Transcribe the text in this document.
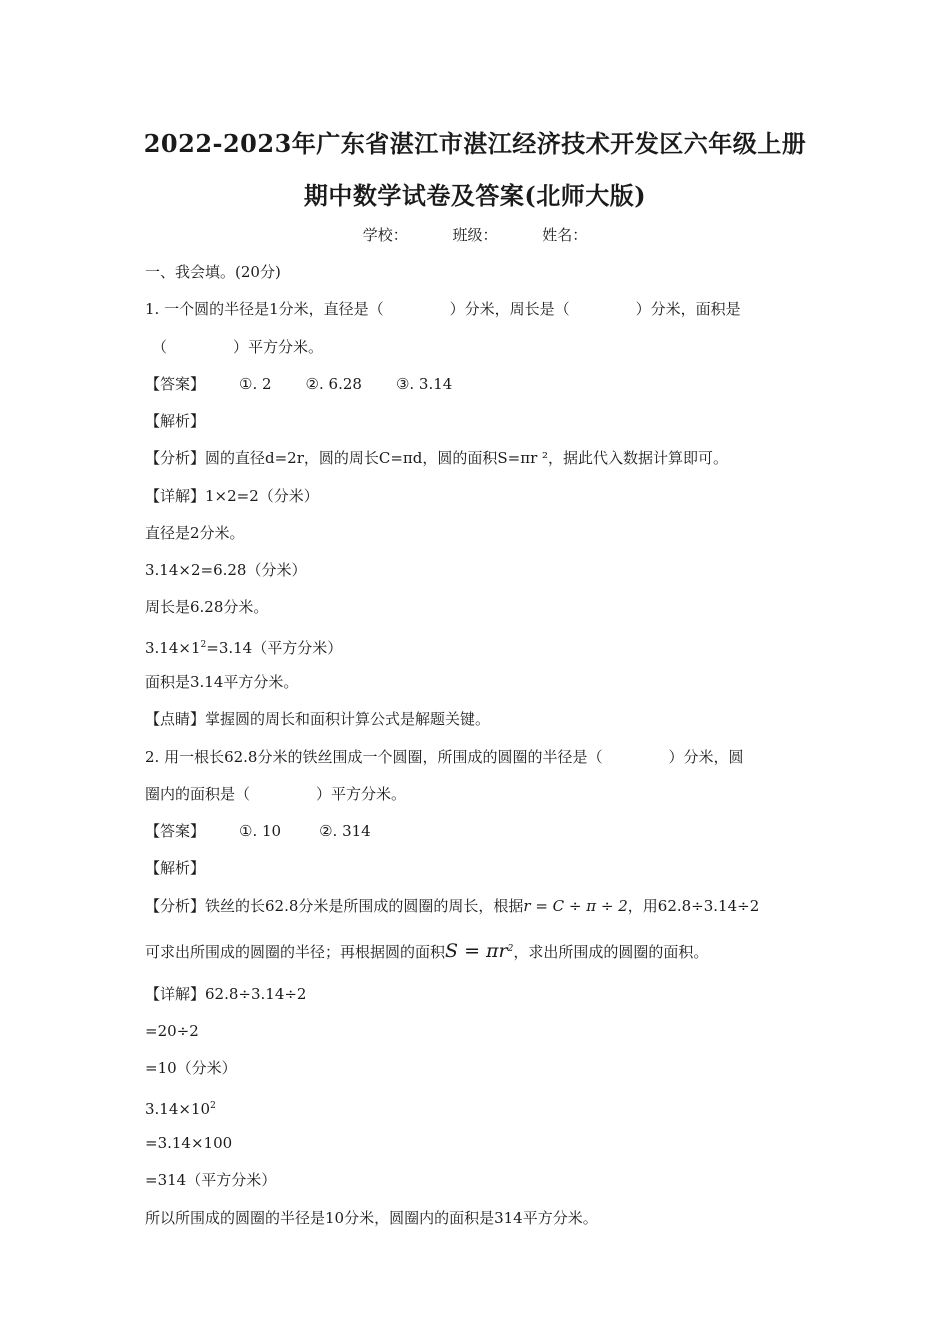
2022-2023年广东省湛江市湛江经济技术开发区六年级上册
期中数学试卷及答案(北师大版)
学校：	班级：	姓名：
一、我会填。(20分)
1. 一个圆的半径是1分米，直径是（	）分米，周长是（	）分米，面积是
（	）平方分米。
【答案】 ①. 2 ②. 6.28 ③. 3.14
【解析】
【分析】圆的直径d=2r，圆的周长C=πd，圆的面积S=πr ²，据此代入数据计算即可。
【详解】1×2=2（分米）
直径是2分米。
3.14×2=6.28（分米）
周长是6.28分米。
$3.14\times 1^2=3.14$（平方分米）
面积是3.14平方分米。
【点睛】掌握圆的周长和面积计算公式是解题关键。
2. 用一根长62.8分米的铁丝围成一个圆圈，所围成的圆圈的半径是（	）分米，圆
圈内的面积是（	）平方分米。
【答案】 ①. 10	②. 314
【解析】
【分析】铁丝的长62.8分米是所围成的圆圈的周长，根据r = C ÷ π ÷ 2，用62.8÷3.14÷2
可求出所围成的圆圈的半径；再根据圆的面积$S = \pi r^2$，求出所围成的圆圈的面积。
【详解】62.8÷3.14÷2
=20÷2
=10（分米）
$3.14\times 10^2$
=3.14×100
=314（平方分米）
所以所围成的圆圈的半径是10分米，圆圈内的面积是314平方分米。
